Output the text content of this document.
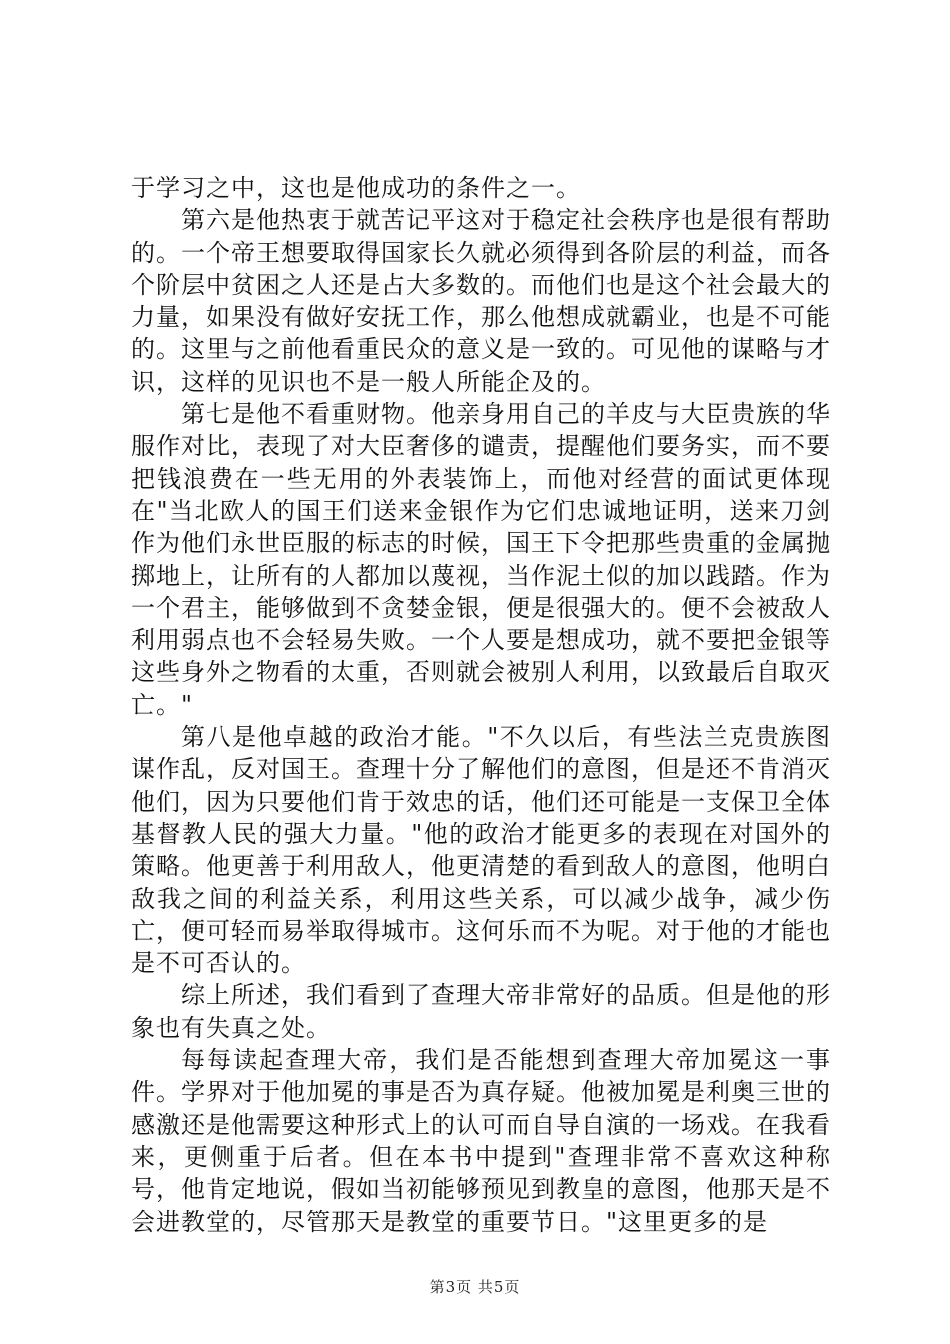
于学习之中，这也是他成功的条件之一。

第六是他热衷于就苦记平这对于稳定社会秩序也是很有帮助的。一个帝王想要取得国家长久就必须得到各阶层的利益，而各个阶层中贫困之人还是占大多数的。而他们也是这个社会最大的力量，如果没有做好安抚工作，那么他想成就霸业，也是不可能的。这里与之前他看重民众的意义是一致的。可见他的谋略与才识，这样的见识也不是一般人所能企及的。

第七是他不看重财物。他亲身用自己的羊皮与大臣贵族的华服作对比，表现了对大臣奢侈的谴责，提醒他们要务实，而不要把钱浪费在一些无用的外表装饰上，而他对经营的面试更体现在"当北欧人的国王们送来金银作为它们忠诚地证明，送来刀剑作为他们永世臣服的标志的时候，国王下令把那些贵重的金属抛掷地上，让所有的人都加以蔑视，当作泥土似的加以践踏。作为一个君主，能够做到不贪婪金银，便是很强大的。便不会被敌人利用弱点也不会轻易失败。一个人要是想成功，就不要把金银等这些身外之物看的太重，否则就会被别人利用，以致最后自取灭亡。"

第八是他卓越的政治才能。"不久以后，有些法兰克贵族图谋作乱，反对国王。查理十分了解他们的意图，但是还不肯消灭他们，因为只要他们肯于效忠的话，他们还可能是一支保卫全体基督教人民的强大力量。"他的政治才能更多的表现在对国外的策略。他更善于利用敌人，他更清楚的看到敌人的意图，他明白敌我之间的利益关系，利用这些关系，可以减少战争，减少伤亡，便可轻而易举取得城市。这何乐而不为呢。对于他的才能也是不可否认的。

综上所述，我们看到了查理大帝非常好的品质。但是他的形象也有失真之处。

每每读起查理大帝，我们是否能想到查理大帝加冕这一事件。学界对于他加冕的事是否为真存疑。他被加冕是利奥三世的感激还是他需要这种形式上的认可而自导自演的一场戏。在我看来，更侧重于后者。但在本书中提到"查理非常不喜欢这种称号，他肯定地说，假如当初能够预见到教皇的意图，他那天是不会进教堂的，尽管那天是教堂的重要节日。"这里更多的是

第3页 共5页
